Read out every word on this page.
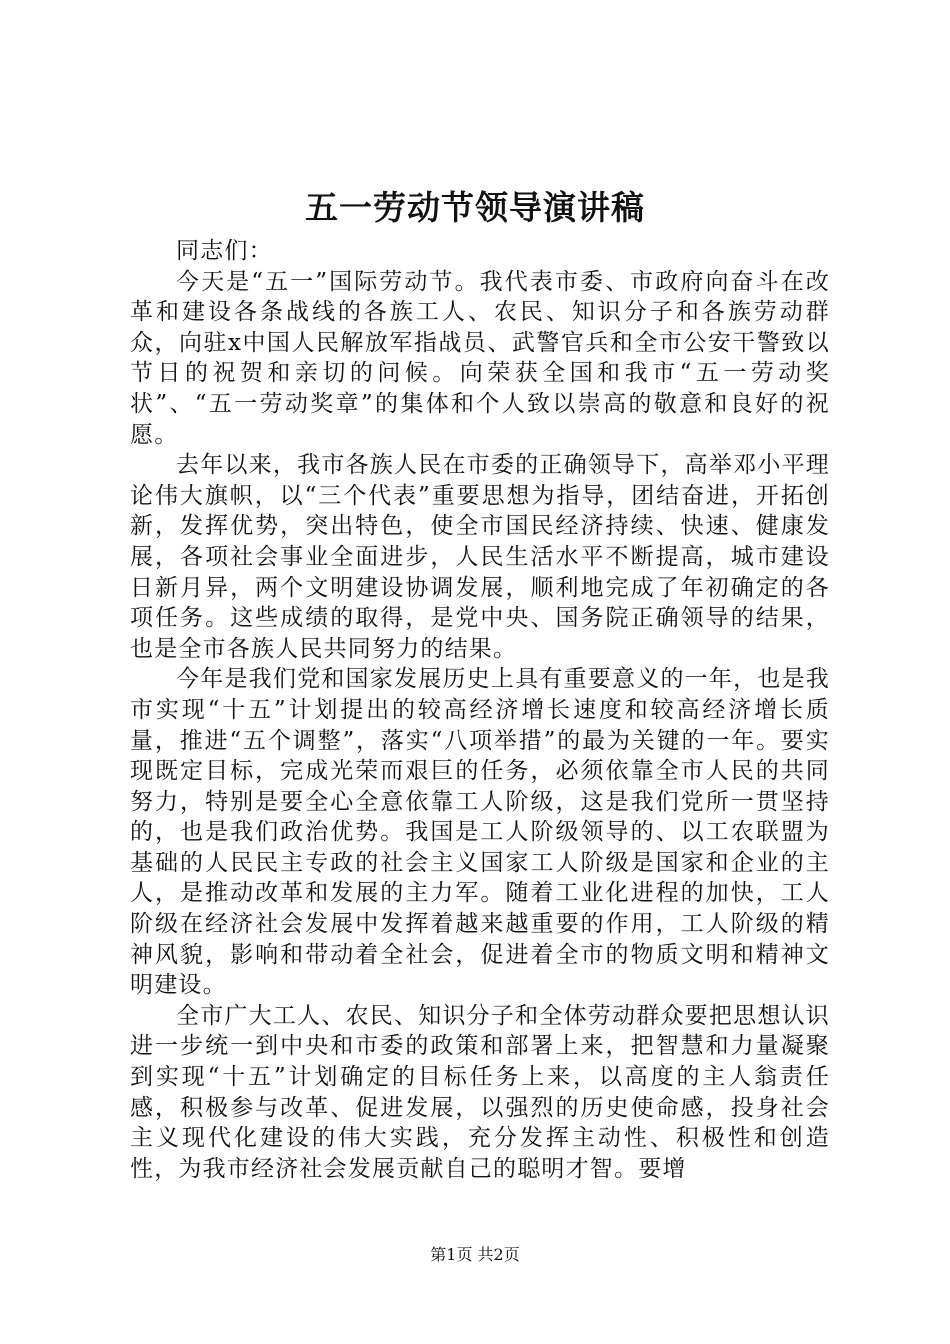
五一劳动节领导演讲稿

同志们：

今天是“五一”国际劳动节。我代表市委、市政府向奋斗在改革和建设各条战线的各族工人、农民、知识分子和各族劳动群众，向驻x中国人民解放军指战员、武警官兵和全市公安干警致以节日的祝贺和亲切的问候。向荣获全国和我市“五一劳动奖状”、“五一劳动奖章”的集体和个人致以崇高的敬意和良好的祝愿。

去年以来，我市各族人民在市委的正确领导下，高举邓小平理论伟大旗帜，以“三个代表”重要思想为指导，团结奋进，开拓创新，发挥优势，突出特色，使全市国民经济持续、快速、健康发展，各项社会事业全面进步，人民生活水平不断提高，城市建设日新月异，两个文明建设协调发展，顺利地完成了年初确定的各项任务。这些成绩的取得，是党中央、国务院正确领导的结果，也是全市各族人民共同努力的结果。

今年是我们党和国家发展历史上具有重要意义的一年，也是我市实现“十五”计划提出的较高经济增长速度和较高经济增长质量，推进“五个调整”，落实“八项举措”的最为关键的一年。要实现既定目标，完成光荣而艰巨的任务，必须依靠全市人民的共同努力，特别是要全心全意依靠工人阶级，这是我们党所一贯坚持的，也是我们政治优势。我国是工人阶级领导的、以工农联盟为基础的人民民主专政的社会主义国家工人阶级是国家和企业的主人，是推动改革和发展的主力军。随着工业化进程的加快，工人阶级在经济社会发展中发挥着越来越重要的作用，工人阶级的精神风貌，影响和带动着全社会，促进着全市的物质文明和精神文明建设。

全市广大工人、农民、知识分子和全体劳动群众要把思想认识进一步统一到中央和市委的政策和部署上来，把智慧和力量凝聚到实现“十五”计划确定的目标任务上来，以高度的主人翁责任感，积极参与改革、促进发展，以强烈的历史使命感，投身社会主义现代化建设的伟大实践，充分发挥主动性、积极性和创造性，为我市经济社会发展贡献自己的聪明才智。要增

第1页 共2页
